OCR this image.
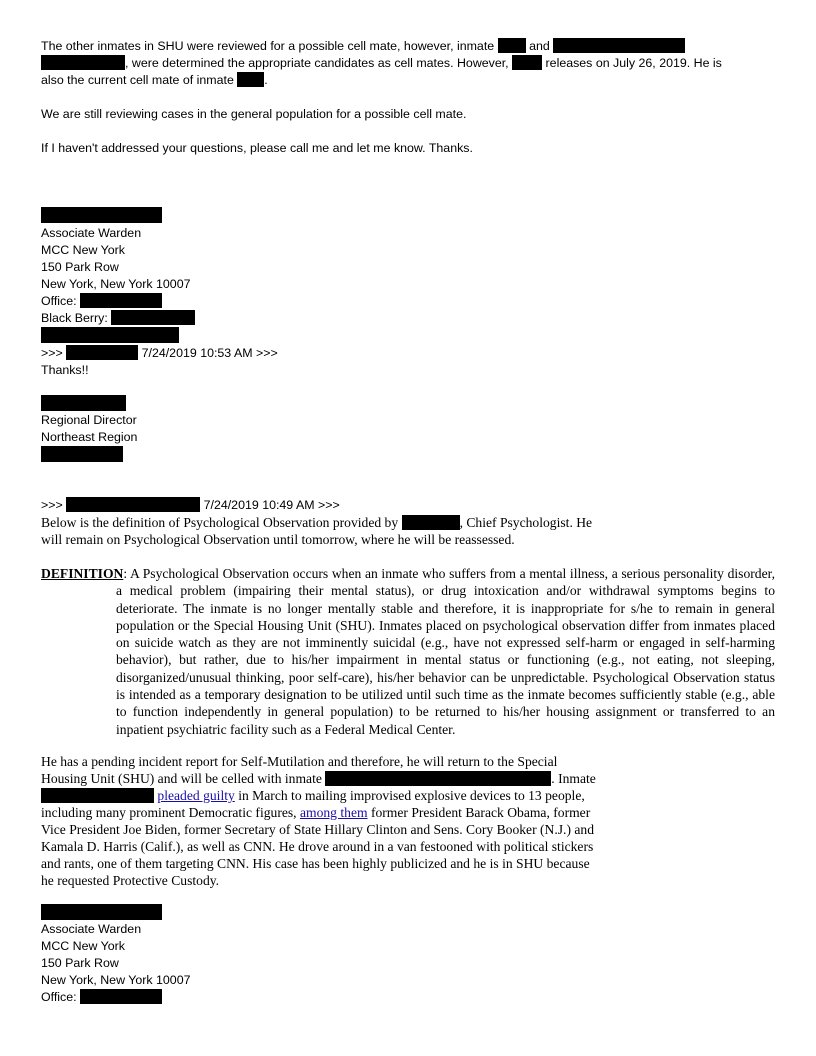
The other inmates in SHU were reviewed for a possible cell mate, however, inmate	and
, were determined the appropriate candidates as cell mates. However,	releases on July 26, 2019. He is
also the current cell mate of inmate .
We are still reviewing cases in the general population for a possible cell mate.
If I haven't addressed your questions, please call me and let me know. Thanks.
Associate Warden
MCC New York
150 Park Row
New York, New York 10007
Office:
Black Berry:
>>>	7/24/2019 10:53 AM >>>
Thanks!!
Regional Director
Northeast Region
>>>	7/24/2019 10:49 AM >>>
Below is the definition of Psychological Observation provided by	, Chief Psychologist. He
will remain on Psychological Observation until tomorrow, where he will be reassessed.
DEFINITION: A Psychological Observation occurs when an inmate who suffers from a mental illness, a serious personality disorder, a medical problem (impairing their mental status), or drug intoxication and/or withdrawal symptoms begins to deteriorate. The inmate is no longer mentally stable and therefore, it is inappropriate for s/he to remain in general population or the Special Housing Unit (SHU). Inmates placed on psychological observation differ from inmates placed on suicide watch as they are not imminently suicidal (e.g., have not expressed self-harm or engaged in self-harming behavior), but rather, due to his/her impairment in mental status or functioning (e.g., not eating, not sleeping, disorganized/unusual thinking, poor self-care), his/her behavior can be unpredictable. Psychological Observation status is intended as a temporary designation to be utilized until such time as the inmate becomes sufficiently stable (e.g., able to function independently in general population) to be returned to his/her housing assignment or transferred to an inpatient psychiatric facility such as a Federal Medical Center.
He has a pending incident report for Self-Mutilation and therefore, he will return to the Special
Housing Unit (SHU) and will be celled with inmate	. Inmate
pleaded guilty in March to mailing improvised explosive devices to 13 people,
including many prominent Democratic figures, among them former President Barack Obama, former
Vice President Joe Biden, former Secretary of State Hillary Clinton and Sens. Cory Booker (N.J.) and
Kamala D. Harris (Calif.), as well as CNN. He drove around in a van festooned with political stickers
and rants, one of them targeting CNN. His case has been highly publicized and he is in SHU because
he requested Protective Custody.
Associate Warden
MCC New York
150 Park Row
New York, New York 10007
Office:
